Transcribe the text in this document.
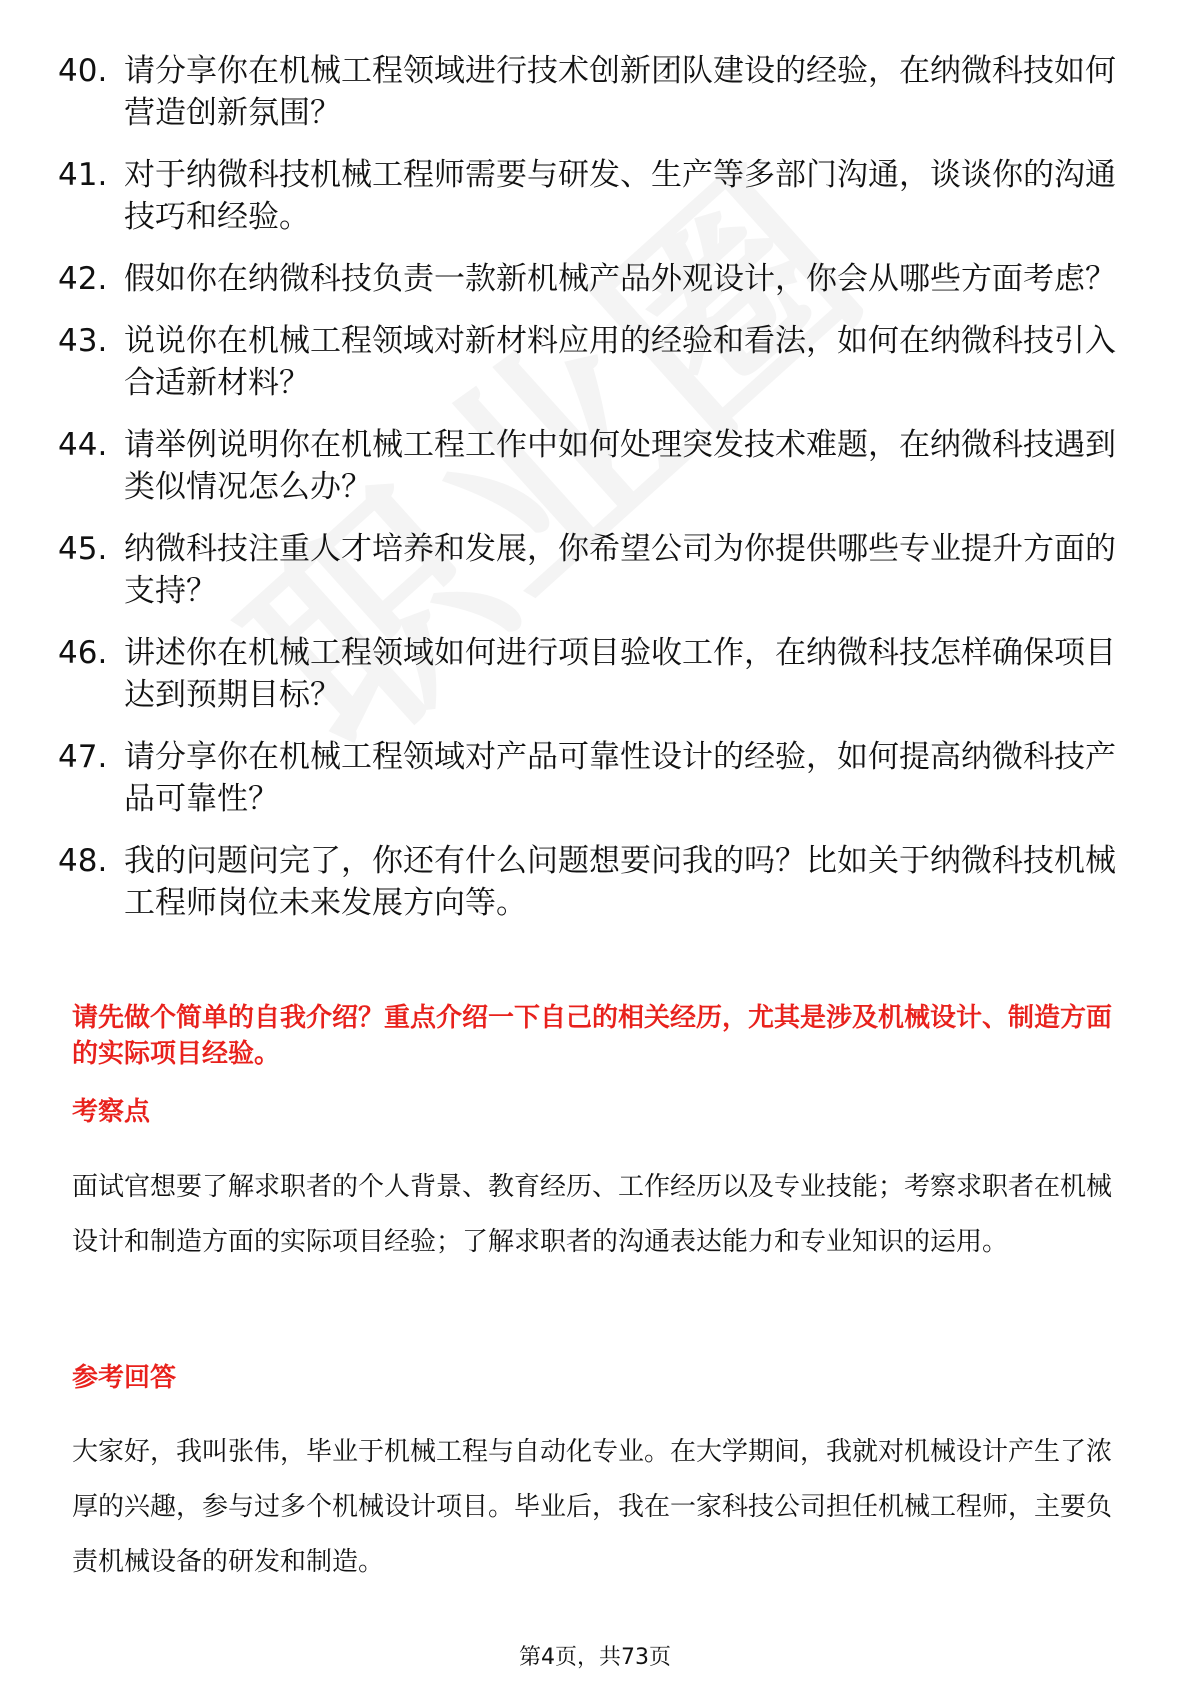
40. 请分享你在机械工程领域进行技术创新团队建设的经验，在纳微科技如何营造创新氛围？
41. 对于纳微科技机械工程师需要与研发、生产等多部门沟通，谈谈你的沟通技巧和经验。
42. 假如你在纳微科技负责一款新机械产品外观设计，你会从哪些方面考虑？
43. 说说你在机械工程领域对新材料应用的经验和看法，如何在纳微科技引入合适新材料？
44. 请举例说明你在机械工程工作中如何处理突发技术难题，在纳微科技遇到类似情况怎么办？
45. 纳微科技注重人才培养和发展，你希望公司为你提供哪些专业提升方面的支持？
46. 讲述你在机械工程领域如何进行项目验收工作，在纳微科技怎样确保项目达到预期目标？
47. 请分享你在机械工程领域对产品可靠性设计的经验，如何提高纳微科技产品可靠性？
48. 我的问题问完了，你还有什么问题想要问我的吗？比如关于纳微科技机械工程师岗位未来发展方向等。
请先做个简单的自我介绍？重点介绍一下自己的相关经历，尤其是涉及机械设计、制造方面的实际项目经验。
考察点
面试官想要了解求职者的个人背景、教育经历、工作经历以及专业技能；考察求职者在机械设计和制造方面的实际项目经验；了解求职者的沟通表达能力和专业知识的运用。
参考回答
大家好，我叫张伟，毕业于机械工程与自动化专业。在大学期间，我就对机械设计产生了浓厚的兴趣，参与过多个机械设计项目。毕业后，我在一家科技公司担任机械工程师，主要负责机械设备的研发和制造。
第4页，共73页
